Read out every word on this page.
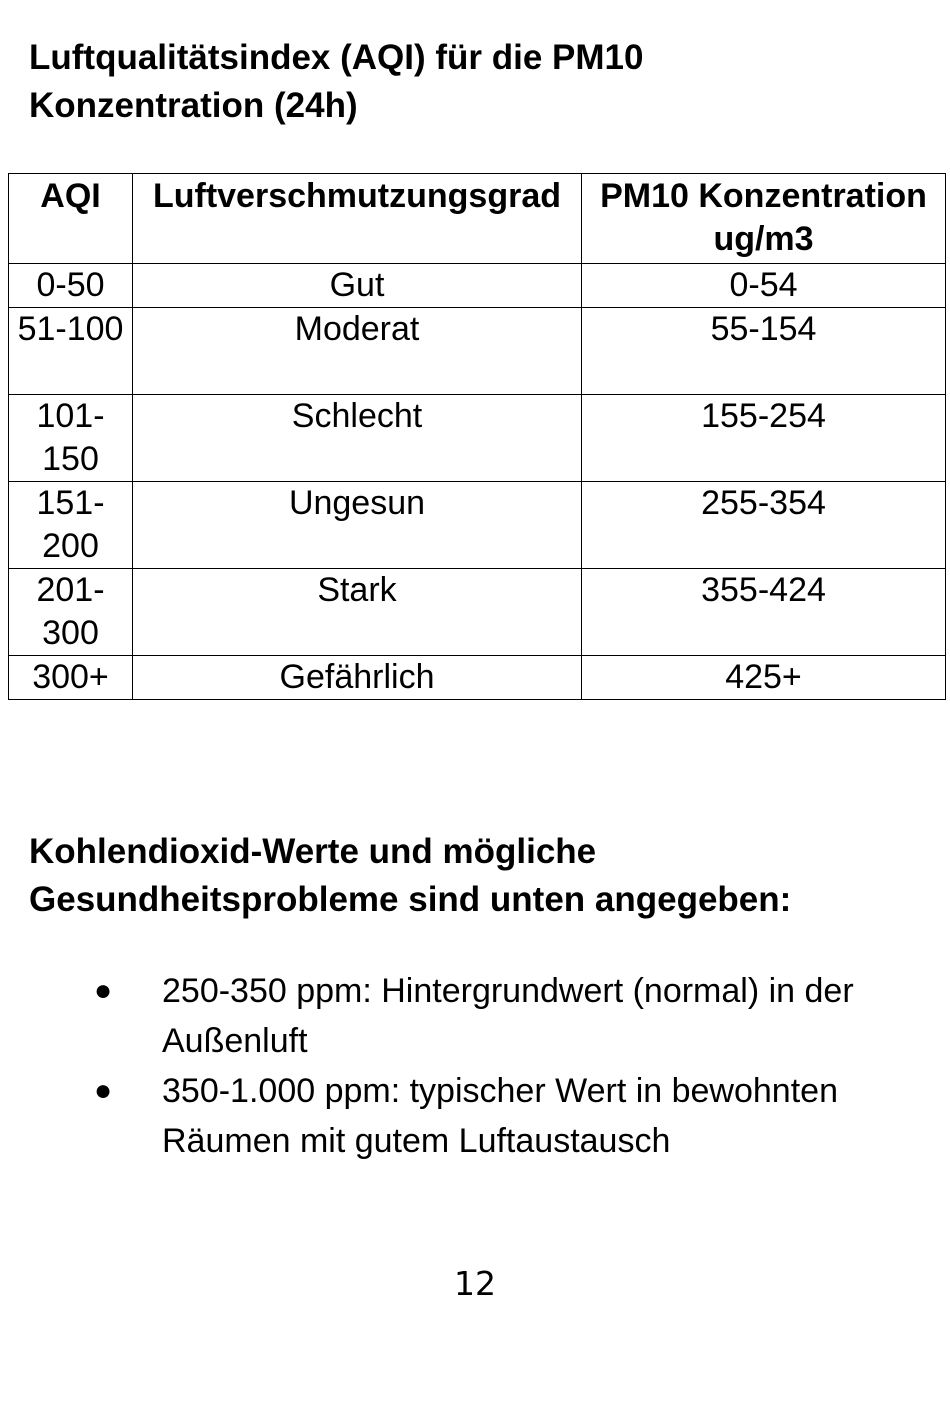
Luftqualitätsindex (AQI) für die PM10 Konzentration (24h)
AQI	Luftverschmutzungsgrad	PM10 Konzentration ug/m3
0-50	Gut	0-54
51-100	Moderat	55-154
101-150	Schlecht	155-254
151-200	Ungesun	255-354
201-300	Stark	355-424
300+	Gefährlich	425+
Kohlendioxid-Werte und mögliche Gesundheitsprobleme sind unten angegeben:
● 250-350 ppm: Hintergrundwert (normal) in der Außenluft
● 350-1.000 ppm: typischer Wert in bewohnten Räumen mit gutem Luftaustausch
12
